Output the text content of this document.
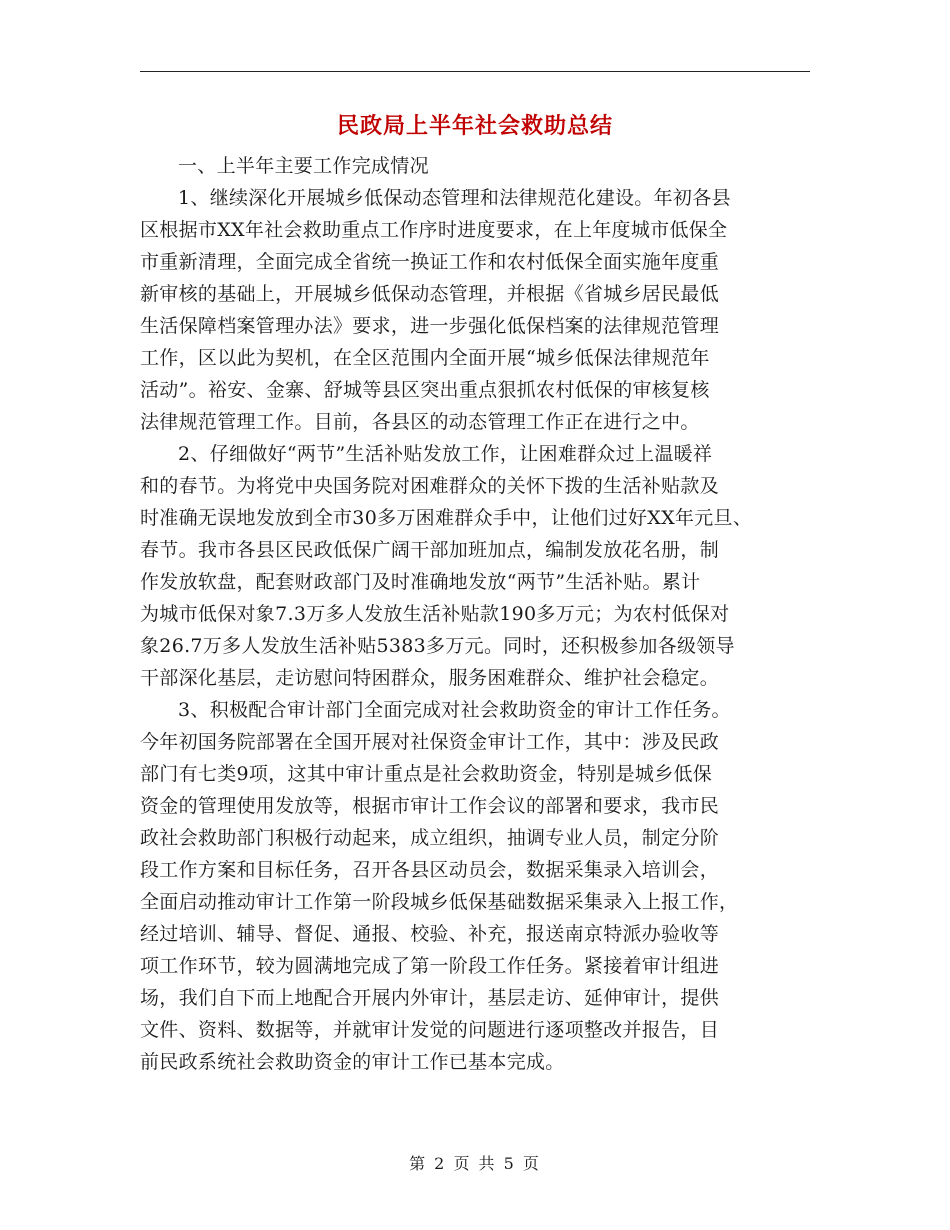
民政局上半年社会救助总结
一、上半年主要工作完成情况
1、继续深化开展城乡低保动态管理和法律规范化建设。年初各县
区根据市XX年社会救助重点工作序时进度要求，在上年度城市低保全
市重新清理，全面完成全省统一换证工作和农村低保全面实施年度重
新审核的基础上，开展城乡低保动态管理，并根据《省城乡居民最低
生活保障档案管理办法》要求，进一步强化低保档案的法律规范管理
工作，区以此为契机，在全区范围内全面开展“城乡低保法律规范年
活动”。裕安、金寨、舒城等县区突出重点狠抓农村低保的审核复核
法律规范管理工作。目前，各县区的动态管理工作正在进行之中。
2、仔细做好“两节”生活补贴发放工作，让困难群众过上温暖祥
和的春节。为将党中央国务院对困难群众的关怀下拨的生活补贴款及
时准确无误地发放到全市30多万困难群众手中，让他们过好XX年元旦、
春节。我市各县区民政低保广阔干部加班加点，编制发放花名册，制
作发放软盘，配套财政部门及时准确地发放“两节”生活补贴。累计
为城市低保对象7.3万多人发放生活补贴款190多万元；为农村低保对
象26.7万多人发放生活补贴5383多万元。同时，还积极参加各级领导
干部深化基层，走访慰问特困群众，服务困难群众、维护社会稳定。
3、积极配合审计部门全面完成对社会救助资金的审计工作任务。
今年初国务院部署在全国开展对社保资金审计工作，其中：涉及民政
部门有七类9项，这其中审计重点是社会救助资金，特别是城乡低保
资金的管理使用发放等，根据市审计工作会议的部署和要求，我市民
政社会救助部门积极行动起来，成立组织，抽调专业人员，制定分阶
段工作方案和目标任务，召开各县区动员会，数据采集录入培训会，
全面启动推动审计工作第一阶段城乡低保基础数据采集录入上报工作，
经过培训、辅导、督促、通报、校验、补充，报送南京特派办验收等
项工作环节，较为圆满地完成了第一阶段工作任务。紧接着审计组进
场，我们自下而上地配合开展内外审计，基层走访、延伸审计，提供
文件、资料、数据等，并就审计发觉的问题进行逐项整改并报告，目
前民政系统社会救助资金的审计工作已基本完成。
第 2 页 共 5 页
